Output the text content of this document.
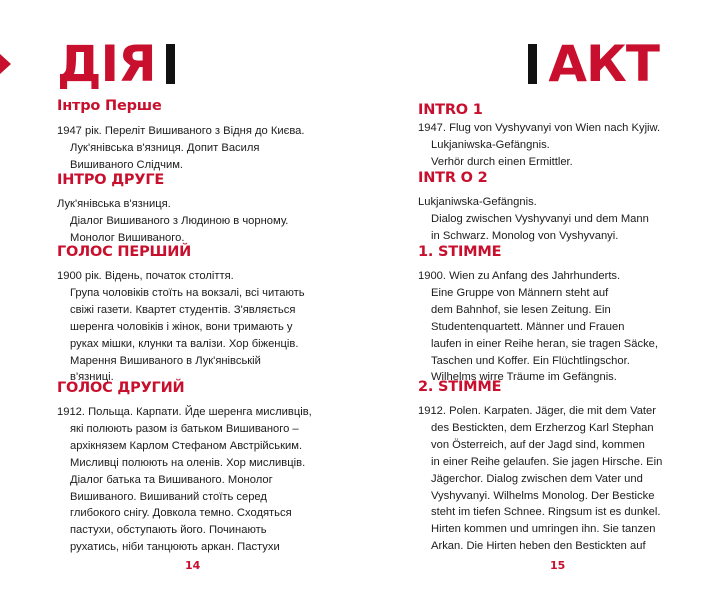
ДІЯ
Інтро Перше
1947 рік. Переліт Вишиваного з Відня до Києва.
Лук'янівська в'язниця. Допит Василя
Вишиваного Слідчим.
ІНТРО ДРУГЕ
Лук'янівська в'язниця.
Діалог Вишиваного з Людиною в чорному.
Монолог Вишиваного.
ГОЛОС ПЕРШИЙ
1900 рік. Відень, початок століття.
Група чоловіків стоїть на вокзалі, всі читають
свіжі газети. Квартет студентів. З'являється
шеренга чоловіків і жінок, вони тримають у
руках мішки, клунки та валізи. Хор біженців.
Марення Вишиваного в Лук'янівській
в'язниці.
ГОЛОС ДРУГИЙ
1912. Польща. Карпати. Йде шеренга мисливців,
які полюють разом із батьком Вишиваного –
архікнязем Карлом Стефаном Австрійським.
Мисливці полюють на оленів. Хор мисливців.
Діалог батька та Вишиваного. Монолог
Вишиваного. Вишиваний стоїть серед
глибокого снігу. Довкола темно. Сходяться
пастухи, обступають його. Починають
рухатись, ніби танцюють аркан. Пастухи
14
АКТ
INTRO 1
1947. Flug von Vyshyvanyi von Wien nach Kyjiw.
Lukjaniwska-Gefängnis.
Verhör durch einen Ermittler.
INTR O 2
Lukjaniwska-Gefängnis.
Dialog zwischen Vyshyvanyi und dem Mann
in Schwarz. Monolog von Vyshyvanyi.
1. STIMME
1900. Wien zu Anfang des Jahrhunderts.
Eine Gruppe von Männern steht auf
dem Bahnhof, sie lesen Zeitung. Ein
Studentenquartett. Männer und Frauen
laufen in einer Reihe heran, sie tragen Säcke,
Taschen und Koffer. Ein Flüchtlingschor.
Wilhelms wirre Träume im Gefängnis.
2. STIMME
1912. Polen. Karpaten. Jäger, die mit dem Vater
des Bestickten, dem Erzherzog Karl Stephan
von Österreich, auf der Jagd sind, kommen
in einer Reihe gelaufen. Sie jagen Hirsche. Ein
Jägerchor. Dialog zwischen dem Vater und
Vyshyvanyi. Wilhelms Monolog. Der Besticke
steht im tiefen Schnee. Ringsum ist es dunkel.
Hirten kommen und umringen ihn. Sie tanzen
Arkan. Die Hirten heben den Bestickten auf
15
